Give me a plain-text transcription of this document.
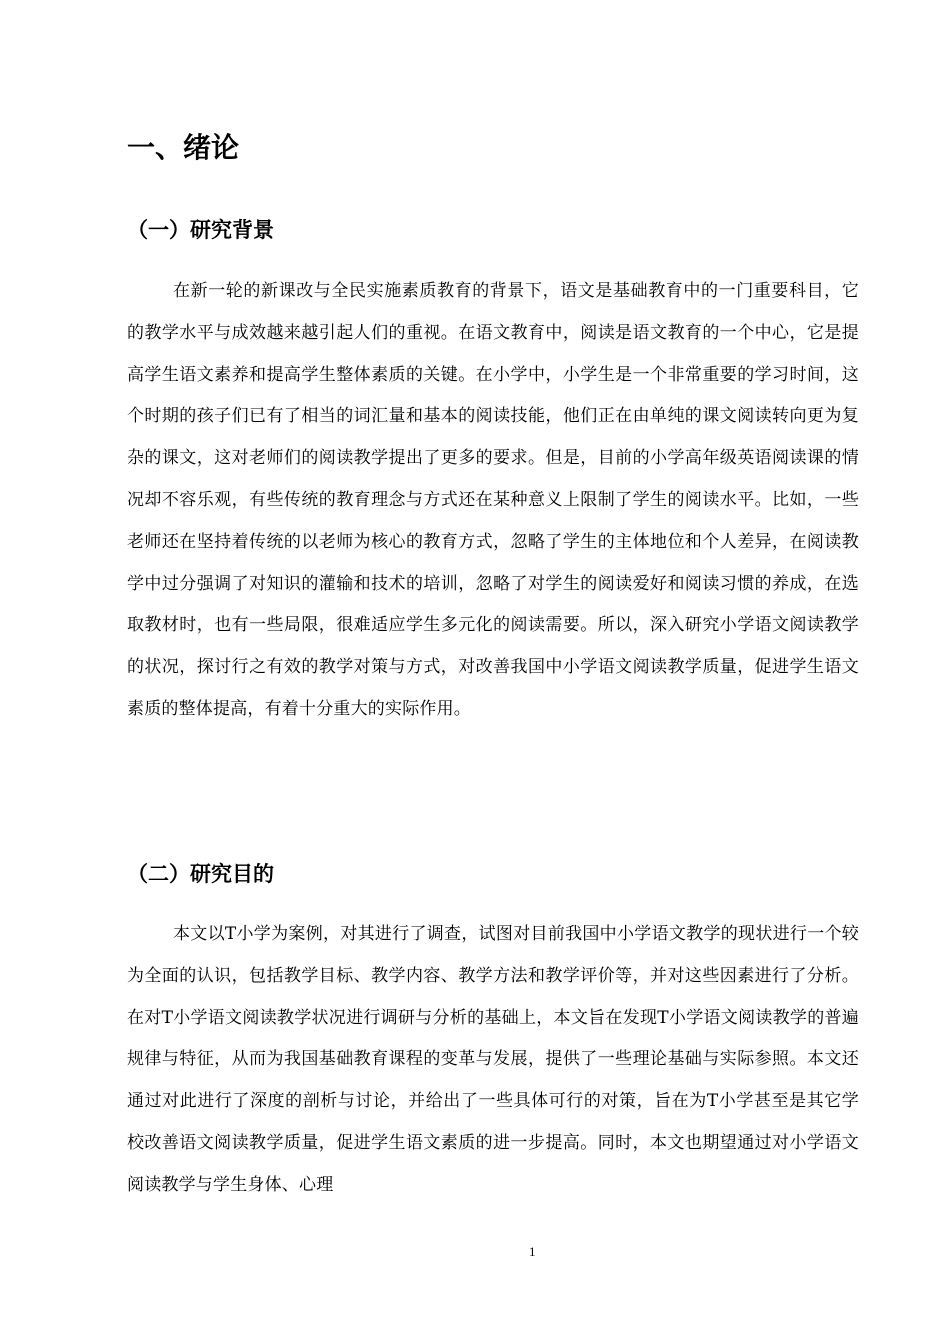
一、绪论
（一）研究背景

在新一轮的新课改与全民实施素质教育的背景下，语文是基础教育中的一门重要科目，它的教学水平与成效越来越引起人们的重视。在语文教育中，阅读是语文教育的一个中心，它是提高学生语文素养和提高学生整体素质的关键。在小学中，小学生是一个非常重要的学习时间，这个时期的孩子们已有了相当的词汇量和基本的阅读技能，他们正在由单纯的课文阅读转向更为复杂的课文，这对老师们的阅读教学提出了更多的要求。但是，目前的小学高年级英语阅读课的情况却不容乐观，有些传统的教育理念与方式还在某种意义上限制了学生的阅读水平。比如，一些老师还在坚持着传统的以老师为核心的教育方式，忽略了学生的主体地位和个人差异，在阅读教学中过分强调了对知识的灌输和技术的培训，忽略了对学生的阅读爱好和阅读习惯的养成，在选取教材时，也有一些局限，很难适应学生多元化的阅读需要。所以，深入研究小学语文阅读教学的状况，探讨行之有效的教学对策与方式，对改善我国中小学语文阅读教学质量，促进学生语文素质的整体提高，有着十分重大的实际作用。

（二）研究目的

本文以T小学为案例，对其进行了调查，试图对目前我国中小学语文教学的现状进行一个较为全面的认识，包括教学目标、教学内容、教学方法和教学评价等，并对这些因素进行了分析。在对T小学语文阅读教学状况进行调研与分析的基础上，本文旨在发现T小学语文阅读教学的普遍规律与特征，从而为我国基础教育课程的变革与发展，提供了一些理论基础与实际参照。本文还通过对此进行了深度的剖析与讨论，并给出了一些具体可行的对策，旨在为T小学甚至是其它学校改善语文阅读教学质量，促进学生语文素质的进一步提高。同时，本文也期望通过对小学语文阅读教学与学生身体、心理

1
